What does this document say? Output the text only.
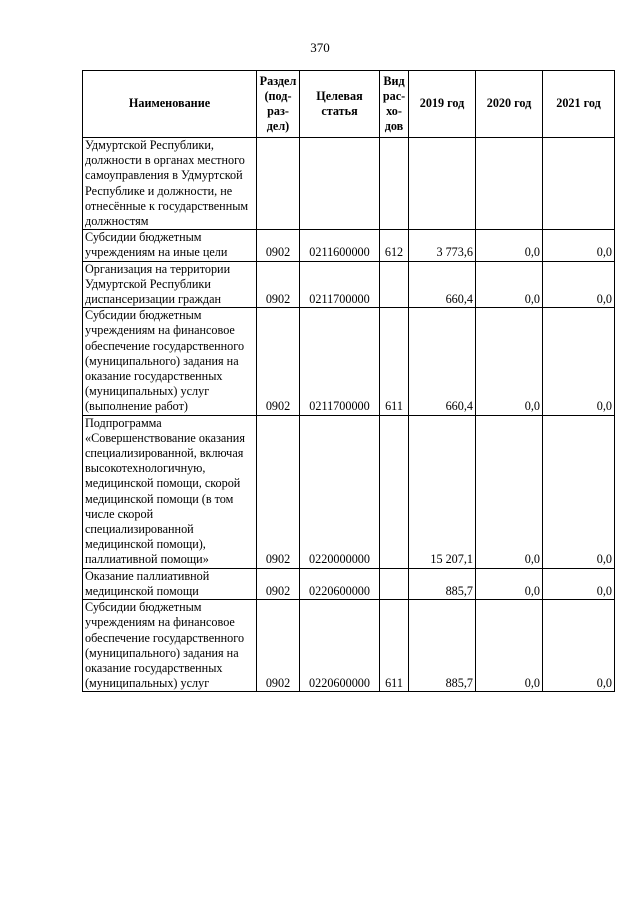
370
Наименование	Раздел (под-раз-дел)	Целевая статья	Вид рас-хо-дов	2019 год	2020 год	2021 год
Удмуртской Республики, должности в органах местного самоуправления в Удмуртской Республике и должности, не отнесённые к государственным должностям						
Субсидии бюджетным учреждениям на иные цели	0902	0211600000	612	3 773,6	0,0	0,0
Организация на территории Удмуртской Республики диспансеризации граждан	0902	0211700000		660,4	0,0	0,0
Субсидии бюджетным учреждениям на финансовое обеспечение государственного (муниципального) задания на оказание государственных (муниципальных) услуг (выполнение работ)	0902	0211700000	611	660,4	0,0	0,0
Подпрограмма «Совершенствование оказания специализированной, включая высокотехнологичную, медицинской помощи, скорой медицинской помощи (в том числе скорой специализированной медицинской помощи), паллиативной помощи»	0902	0220000000		15 207,1	0,0	0,0
Оказание паллиативной медицинской помощи	0902	0220600000		885,7	0,0	0,0
Субсидии бюджетным учреждениям на финансовое обеспечение государственного (муниципального) задания на оказание государственных (муниципальных) услуг	0902	0220600000	611	885,7	0,0	0,0
